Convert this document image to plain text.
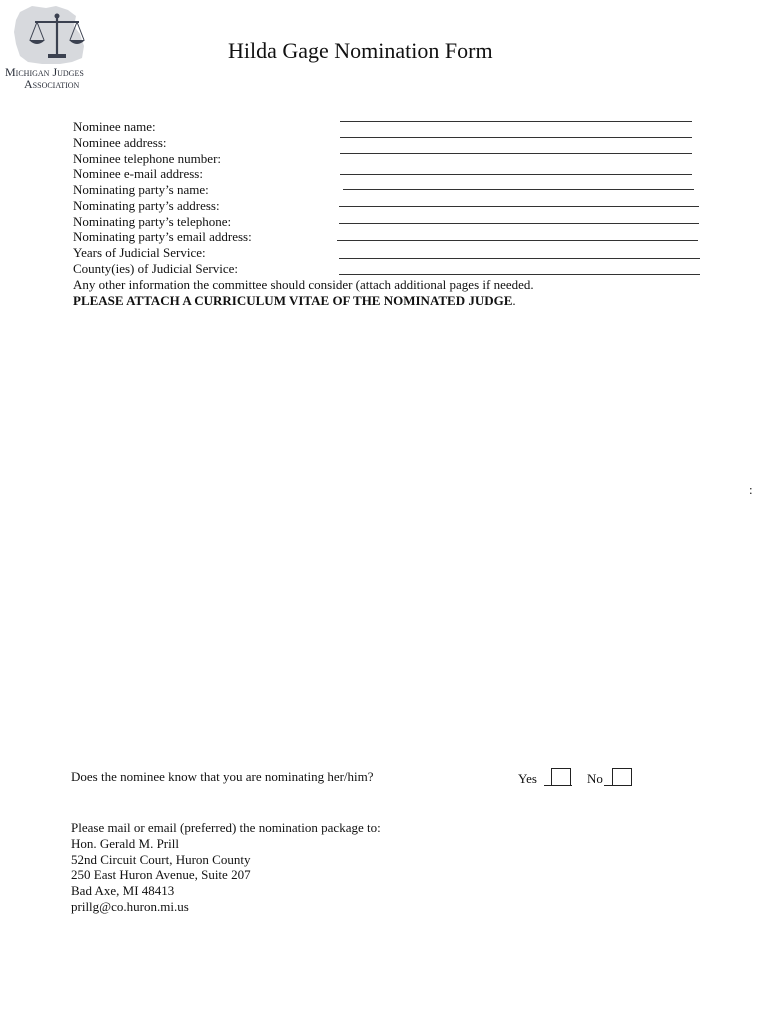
Michigan Judges
Association
Hilda Gage Nomination Form
Nominee name:
Nominee address:
Nominee telephone number:
Nominee e-mail address:
Nominating party’s name:
Nominating party’s address:
Nominating party’s telephone:
Nominating party’s email address:
Years of Judicial Service:
County(ies) of Judicial Service:
Any other information the committee should consider (attach additional pages if needed.
PLEASE ATTACH A CURRICULUM VITAE OF THE NOMINATED JUDGE.
:
Does the nominee know that you are nominating her/him?	Yes	No
Please mail or email (preferred) the nomination package to:
Hon. Gerald M. Prill
52nd Circuit Court, Huron County
250 East Huron Avenue, Suite 207
Bad Axe, MI 48413
prillg@co.huron.mi.us
